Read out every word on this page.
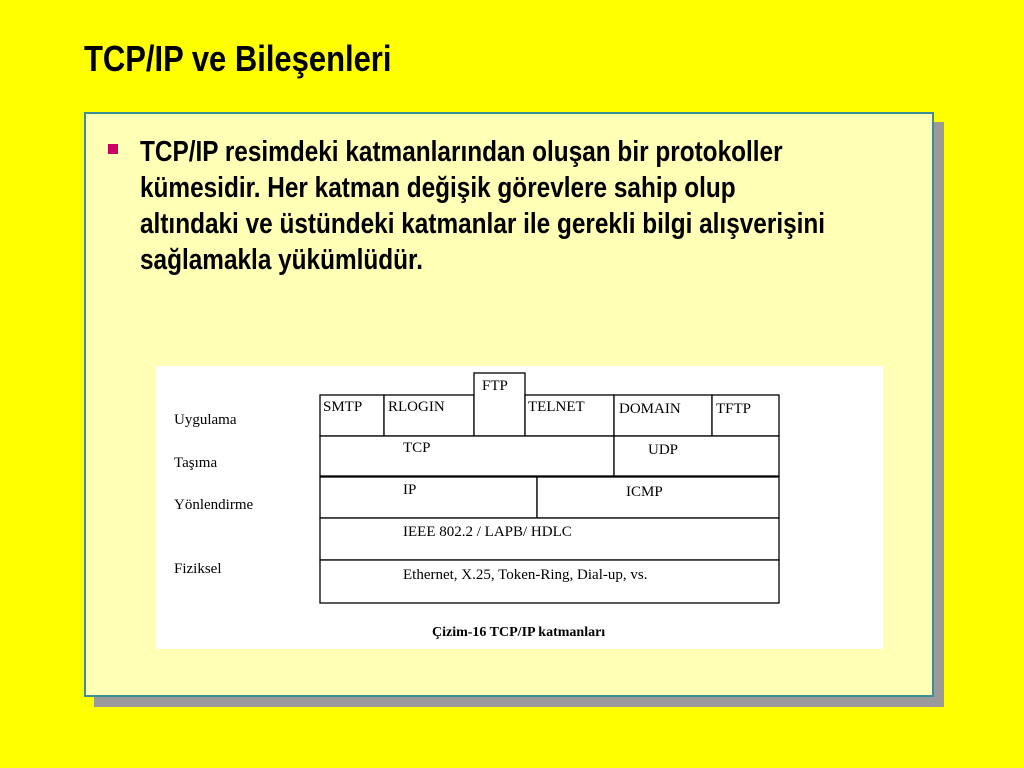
TCP/IP ve Bileşenleri
TCP/IP resimdeki katmanlarından oluşan bir protokoller kümesidir. Her katman değişik görevlere sahip olup altındaki ve üstündeki katmanlar ile gerekli bilgi alışverişini sağlamakla yükümlüdür.
Uygulama
Taşıma
Yönlendirme
Fiziksel
SMTP RLOGIN
FTP
TELNET DOMAIN TFTP
TCP	UDP
IP	ICMP
IEEE 802.2 / LAPB/ HDLC
Ethernet, X.25, Token-Ring, Dial-up, vs.
Çizim-16 TCP/IP katmanları
